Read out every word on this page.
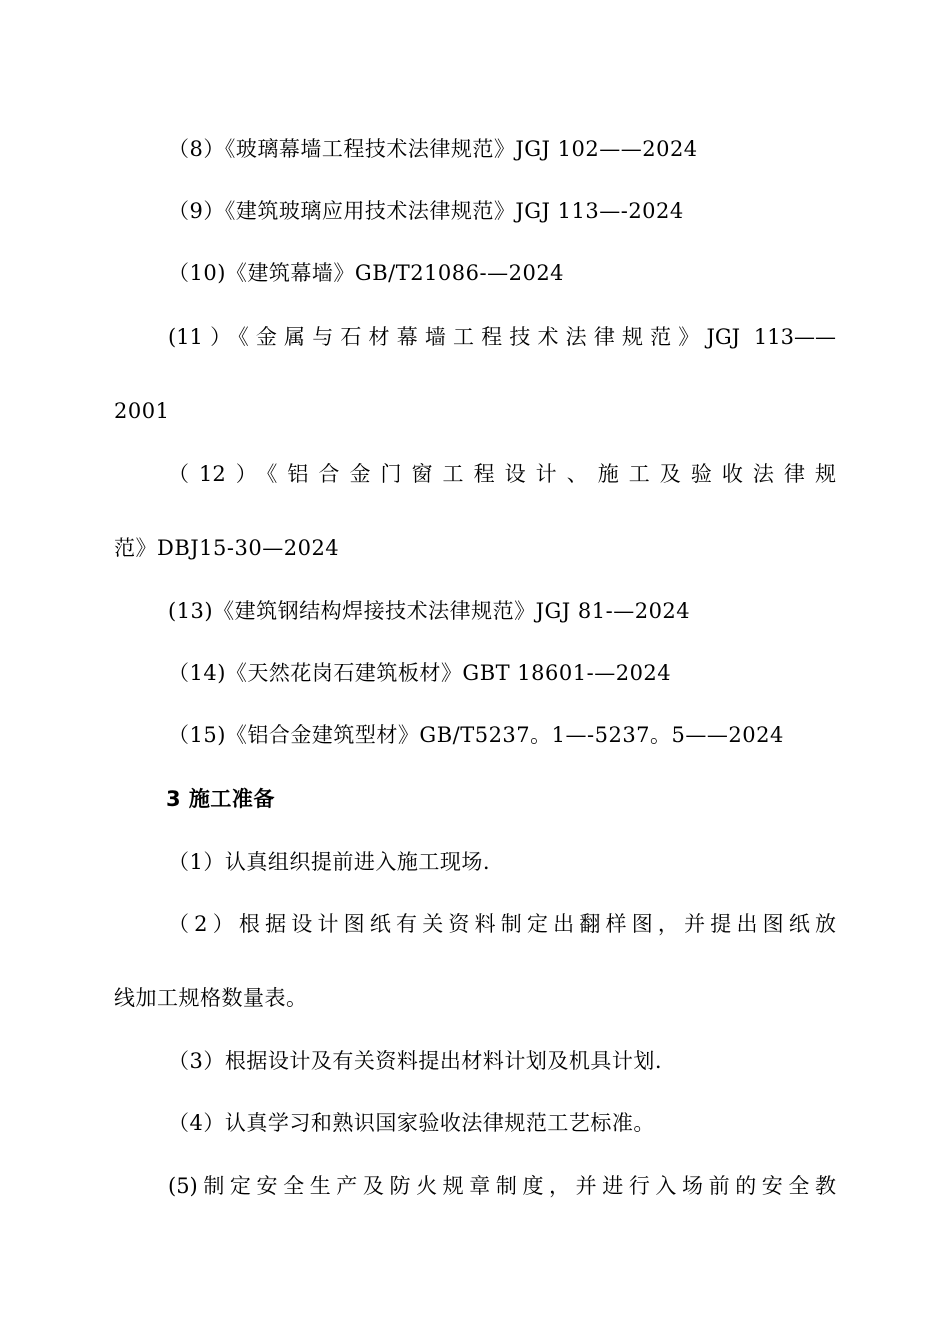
（8）《玻璃幕墙工程技术法律规范》JGJ 102——2024
（9）《建筑玻璃应用技术法律规范》JGJ 113—-2024
（10)《建筑幕墙》GB/T21086-—2024
(11）《金属与石材幕墙工程技术法律规范》JGJ 113——
2001
（12）《铝合金门窗工程设计、施工及验收法律规
范》DBJ15-30—2024
(13)《建筑钢结构焊接技术法律规范》JGJ 81-—2024
（14)《天然花岗石建筑板材》GBT 18601-—2024
（15)《铝合金建筑型材》GB/T5237。1—-5237。5——2024
3 施工准备
（1）认真组织提前进入施工现场.
（2）根据设计图纸有关资料制定出翻样图，并提出图纸放
线加工规格数量表。
（3）根据设计及有关资料提出材料计划及机具计划.
（4）认真学习和熟识国家验收法律规范工艺标准。
(5)制定安全生产及防火规章制度，并进行入场前的安全教
